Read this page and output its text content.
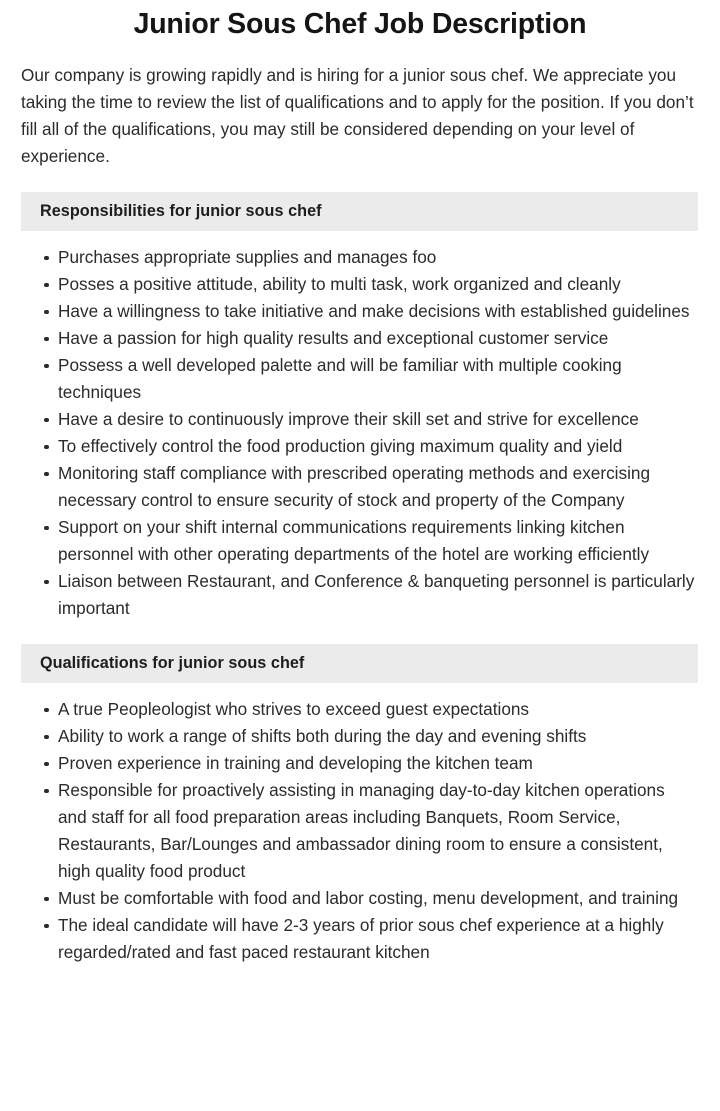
Junior Sous Chef Job Description

Our company is growing rapidly and is hiring for a junior sous chef. We appreciate you taking the time to review the list of qualifications and to apply for the position. If you don’t fill all of the qualifications, you may still be considered depending on your level of experience.

Responsibilities for junior sous chef
Purchases appropriate supplies and manages foo
Posses a positive attitude, ability to multi task, work organized and cleanly
Have a willingness to take initiative and make decisions with established guidelines
Have a passion for high quality results and exceptional customer service
Possess a well developed palette and will be familiar with multiple cooking techniques
Have a desire to continuously improve their skill set and strive for excellence
To effectively control the food production giving maximum quality and yield
Monitoring staff compliance with prescribed operating methods and exercising necessary control to ensure security of stock and property of the Company
Support on your shift internal communications requirements linking kitchen personnel with other operating departments of the hotel are working efficiently
Liaison between Restaurant, and Conference & banqueting personnel is particularly important
Qualifications for junior sous chef
A true Peopleologist who strives to exceed guest expectations
Ability to work a range of shifts both during the day and evening shifts
Proven experience in training and developing the kitchen team
Responsible for proactively assisting in managing day-to-day kitchen operations and staff for all food preparation areas including Banquets, Room Service, Restaurants, Bar/Lounges and ambassador dining room to ensure a consistent, high quality food product
Must be comfortable with food and labor costing, menu development, and training
The ideal candidate will have 2-3 years of prior sous chef experience at a highly regarded/rated and fast paced restaurant kitchen
